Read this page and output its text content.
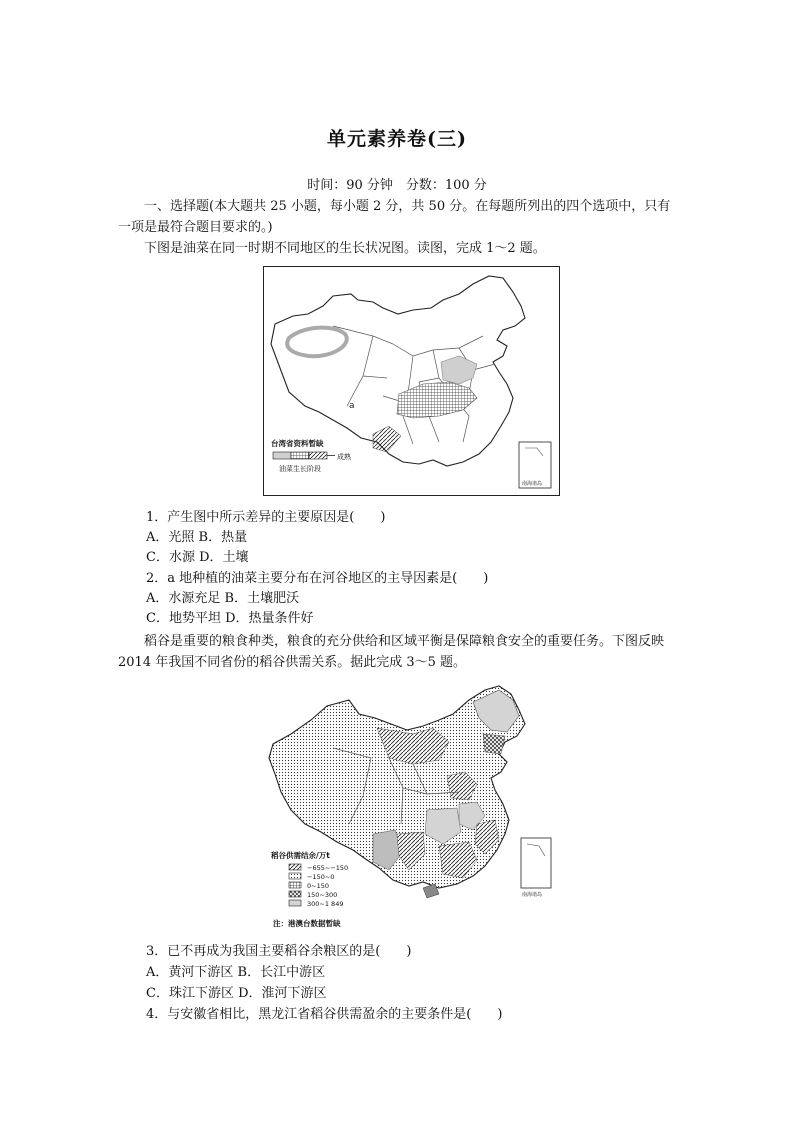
单元素养卷(三)
时间：90 分钟　分数：100 分
一、选择题(本大题共 25 小题，每小题 2 分，共 50 分。在每题所列出的四个选项中，只有一项是最符合题目要求的。)
下图是油菜在同一时期不同地区的生长状况图。读图，完成 1～2 题。
a
台湾省资料暂缺
成熟
油菜生长阶段
南海诸岛
1．产生图中所示差异的主要原因是(　　)
A．光照 B．热量
C．水源 D．土壤
2．a 地种植的油菜主要分布在河谷地区的主导因素是(　　)
A．水源充足 B．土壤肥沃
C．地势平坦 D．热量条件好
稻谷是重要的粮食种类，粮食的充分供给和区域平衡是保障粮食安全的重要任务。下图反映 2014 年我国不同省份的稻谷供需关系。据此完成 3～5 题。
稻谷供需结余/万t
−655~−150
−150~0
0~150
150~300
300~1 849
注：港澳台数据暂缺
南海诸岛
3．已不再成为我国主要稻谷余粮区的是(　　)
A．黄河下游区 B．长江中游区
C．珠江下游区 D．淮河下游区
4．与安徽省相比，黑龙江省稻谷供需盈余的主要条件是(　　)
